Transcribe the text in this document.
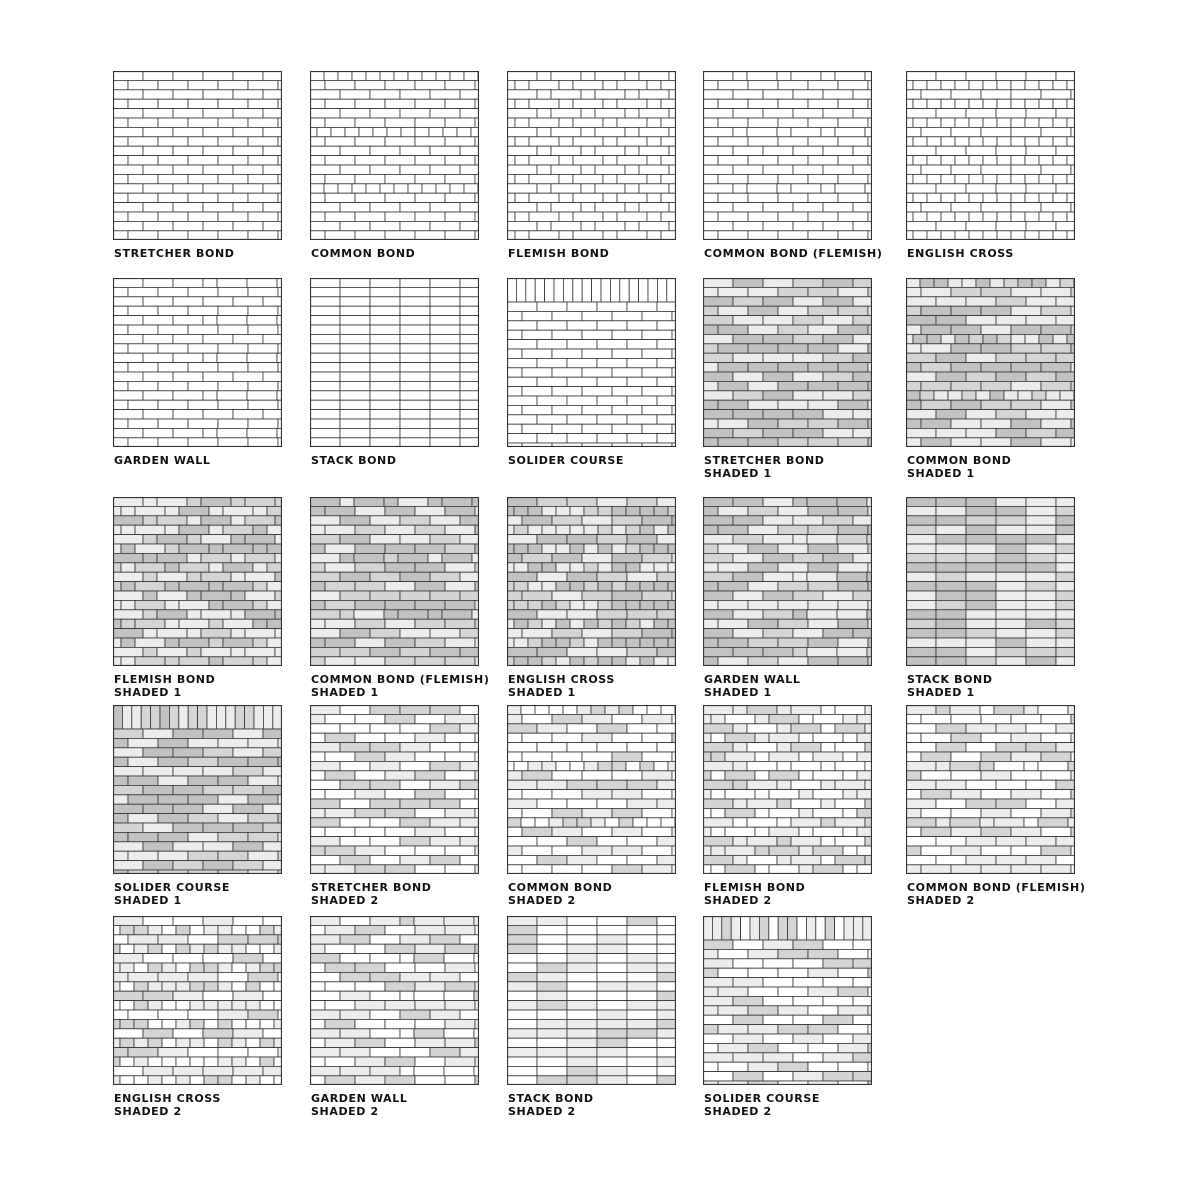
STRETCHER BOND	COMMON BOND	FLEMISH BOND	COMMON BOND (FLEMISH) ENGLISH CROSS
GARDEN WALL	STACK BOND	SOLIDER COURSE	STRETCHER BOND
SHADED 1
COMMON BOND
SHADED 1
FLEMISH BOND
SHADED 1
COMMON BOND (FLEMISH)
SHADED 1
ENGLISH CROSS
SHADED 1
GARDEN WALL
SHADED 1
STACK BOND
SHADED 1
SOLIDER COURSE
SHADED 1
STRETCHER BOND
SHADED 2
COMMON BOND
SHADED 2
FLEMISH BOND
SHADED 2
COMMON BOND (FLEMISH)
SHADED 2
ENGLISH CROSS
SHADED 2
GARDEN WALL
SHADED 2
STACK BOND
SHADED 2
SOLIDER COURSE
SHADED 2
